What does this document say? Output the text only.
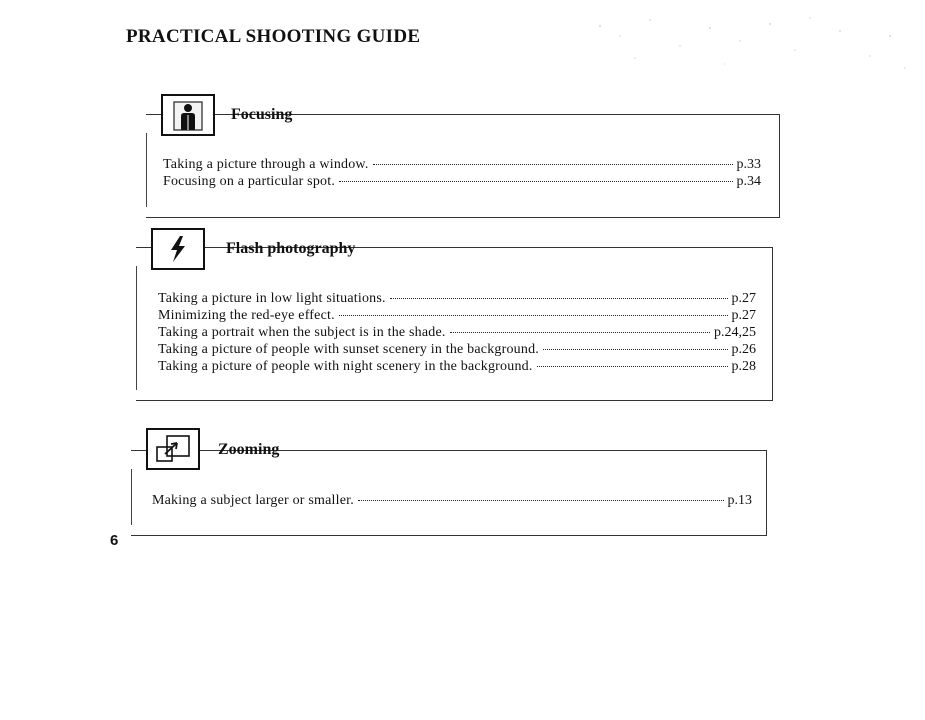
PRACTICAL SHOOTING GUIDE
Focusing
Taking a picture through a window.	p.33
Focusing on a particular spot.	p.34
Flash photography
Taking a picture in low light situations.	p.27
Minimizing the red-eye effect.	p.27
Taking a portrait when the subject is in the shade.	p.24,25
Taking a picture of people with sunset scenery in the background.	p.26
Taking a picture of people with night scenery in the background.	p.28
Zooming
Making a subject larger or smaller.	p.13
6
